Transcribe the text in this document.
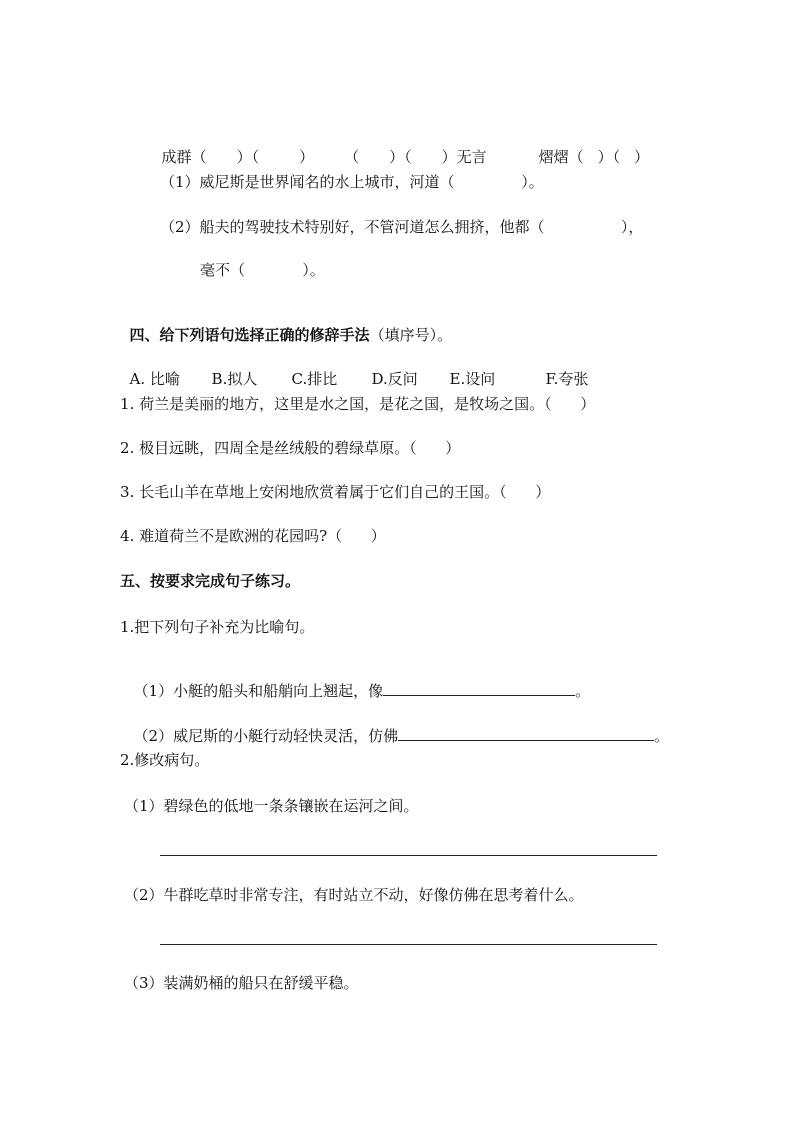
成群（ ）（	） （ ）（ ）无言	熠熠（ ）（ ）

（1）威尼斯是世界闻名的水上城市，河道（              ）。
（2）船夫的驾驶技术特别好，不管河道怎么拥挤，他都（                ），
毫不（            ）。

四、给下列语句选择正确的修辞手法（填序号）。

A. 比喻 B.拟人 C.排比 D.反问 E.设问	F.夸张

1. 荷兰是美丽的地方，这里是水之国，是花之国，是牧场之国。（      ）
2. 极目远眺，四周全是丝绒般的碧绿草原。（      ）
3. 长毛山羊在草地上安闲地欣赏着属于它们自己的王国。（      ）
4. 难道荷兰不是欧洲的花园吗?（      ）
五、按要求完成句子练习。
1.把下列句子补充为比喻句。

（1）小艇的船头和船艄向上翘起，像	。

（2）威尼斯的小艇行动轻快灵活，仿佛	。

2.修改病句。
（1）碧绿色的低地一条条镶嵌在运河之间。
（2）牛群吃草时非常专注，有时站立不动，好像仿佛在思考着什么。
（3）装满奶桶的船只在舒缓平稳。
